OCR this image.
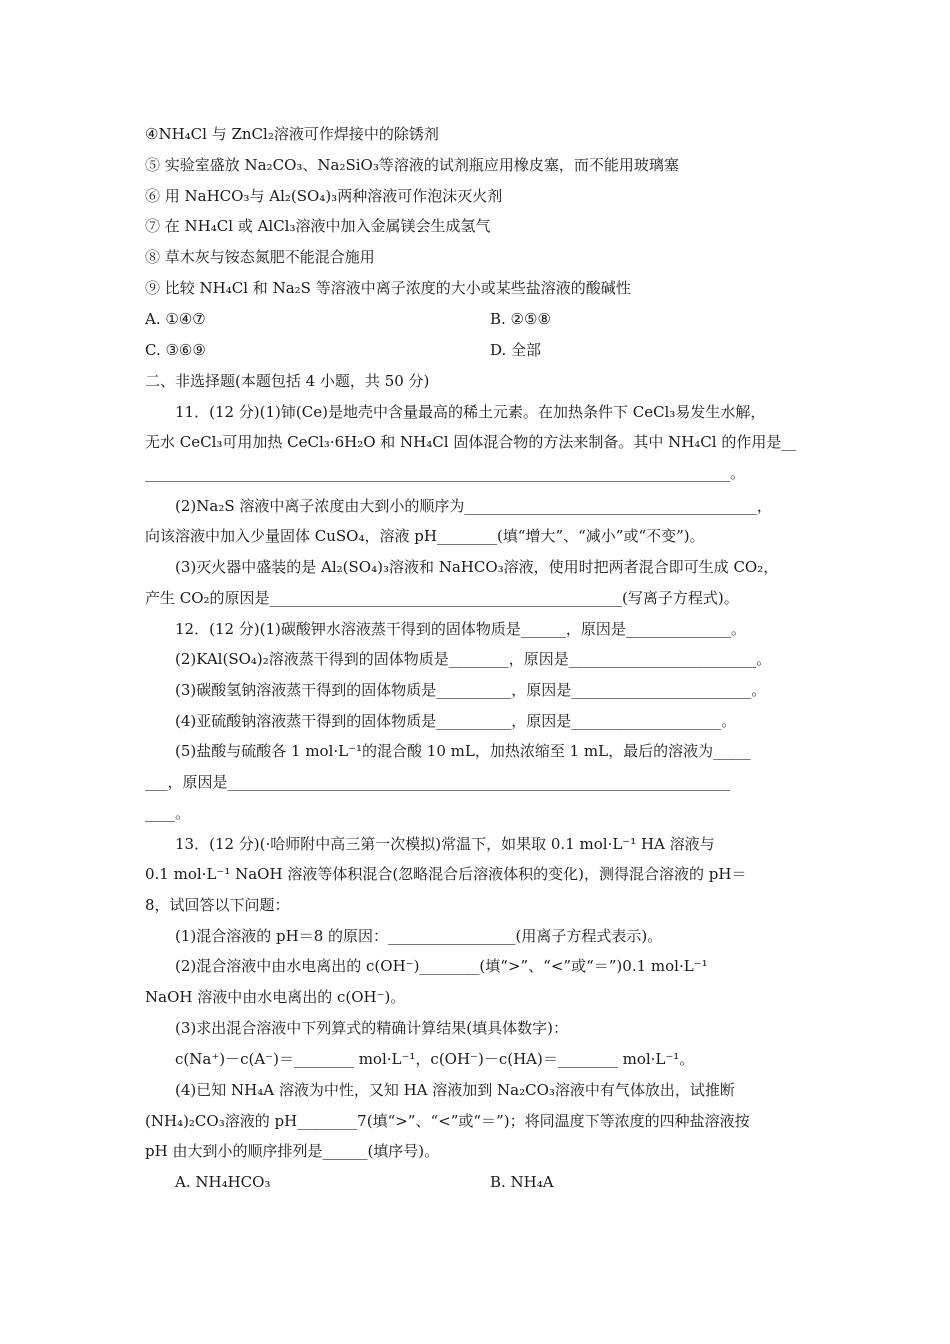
④NH₄Cl 与 ZnCl₂溶液可作焊接中的除锈剂
⑤ 实验室盛放 Na₂CO₃、Na₂SiO₃等溶液的试剂瓶应用橡皮塞，而不能用玻璃塞
⑥ 用 NaHCO₃与 Al₂(SO₄)₃两种溶液可作泡沫灭火剂
⑦ 在 NH₄Cl 或 AlCl₃溶液中加入金属镁会生成氢气
⑧ 草木灰与铵态氮肥不能混合施用
⑨ 比较 NH₄Cl 和 Na₂S 等溶液中离子浓度的大小或某些盐溶液的酸碱性
A. ①④⑦	B. ②⑤⑧
C. ③⑥⑨	D. 全部
二、非选择题(本题包括 4 小题，共 50 分)
11．(12 分)(1)铈(Ce)是地壳中含量最高的稀土元素。在加热条件下 CeCl₃易发生水解，
无水 CeCl₃可用加热 CeCl₃·6H₂O 和 NH₄Cl 固体混合物的方法来制备。其中 NH₄Cl 的作用是__
______________________________________________________________________________。
(2)Na₂S 溶液中离子浓度由大到小的顺序为_______________________________________，
向该溶液中加入少量固体 CuSO₄，溶液 pH________(填“增大”、“减小”或“不变”)。
(3)灭火器中盛装的是 Al₂(SO₄)₃溶液和 NaHCO₃溶液，使用时把两者混合即可生成 CO₂，
产生 CO₂的原因是_______________________________________________(写离子方程式)。
12．(12 分)(1)碳酸钾水溶液蒸干得到的固体物质是______，原因是______________。
(2)KAl(SO₄)₂溶液蒸干得到的固体物质是________，原因是_________________________。
(3)碳酸氢钠溶液蒸干得到的固体物质是__________，原因是________________________。
(4)亚硫酸钠溶液蒸干得到的固体物质是__________，原因是____________________。
(5)盐酸与硫酸各 1 mol·L⁻¹的混合酸 10 mL，加热浓缩至 1 mL，最后的溶液为_____
___，原因是___________________________________________________________________
____。
13．(12 分)(·哈师附中高三第一次模拟)常温下，如果取 0.1 mol·L⁻¹ HA 溶液与
0.1 mol·L⁻¹ NaOH 溶液等体积混合(忽略混合后溶液体积的变化)，测得混合溶液的 pH＝
8，试回答以下问题：
(1)混合溶液的 pH＝8 的原因：_________________(用离子方程式表示)。
(2)混合溶液中由水电离出的 c(OH⁻)________(填“>”、“<”或“＝”)0.1 mol·L⁻¹
NaOH 溶液中由水电离出的 c(OH⁻)。
(3)求出混合溶液中下列算式的精确计算结果(填具体数字)：
c(Na⁺)－c(A⁻)＝________ mol·L⁻¹，c(OH⁻)－c(HA)＝________ mol·L⁻¹。
(4)已知 NH₄A 溶液为中性，又知 HA 溶液加到 Na₂CO₃溶液中有气体放出，试推断
(NH₄)₂CO₃溶液的 pH________7(填“>”、“<”或“＝”)；将同温度下等浓度的四种盐溶液按
pH 由大到小的顺序排列是______(填序号)。
A. NH₄HCO₃	B. NH₄A
